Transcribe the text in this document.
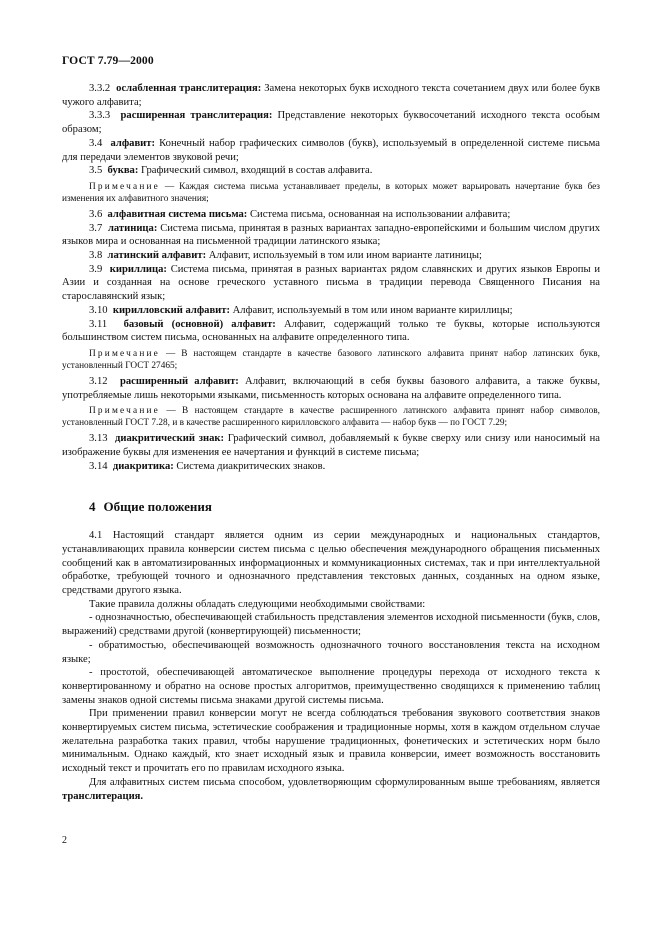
ГОСТ 7.79—2000

3.3.2 ослабленная транслитерация: Замена некоторых букв исходного текста сочетанием двух или более букв чужого алфавита;

3.3.3 расширенная транслитерация: Представление некоторых буквосочетаний исходного текста особым образом;

3.4 алфавит: Конечный набор графических символов (букв), используемый в определенной системе письма для передачи элементов звуковой речи;

3.5 буква: Графический символ, входящий в состав алфавита.

Примечание — Каждая система письма устанавливает пределы, в которых может варьировать начертание букв без изменения их алфавитного значения;

3.6 алфавитная система письма: Система письма, основанная на использовании алфавита;

3.7 латиница: Система письма, принятая в разных вариантах западно-европейскими и большим числом других языков мира и основанная на письменной традиции латинского языка;

3.8 латинский алфавит: Алфавит, используемый в том или ином варианте латиницы;

3.9 кириллица: Система письма, принятая в разных вариантах рядом славянских и других языков Европы и Азии и созданная на основе греческого уставного письма в традиции перевода Священного Писания на старославянский язык;

3.10 кирилловский алфавит: Алфавит, используемый в том или ином варианте кириллицы;

3.11 базовый (основной) алфавит: Алфавит, содержащий только те буквы, которые используются большинством систем письма, основанных на алфавите определенного типа.

Примечание — В настоящем стандарте в качестве базового латинского алфавита принят набор латинских букв, установленный ГОСТ 27465;

3.12 расширенный алфавит: Алфавит, включающий в себя буквы базового алфавита, а также буквы, употребляемые лишь некоторыми языками, письменность которых основана на алфавите определенного типа.

Примечание — В настоящем стандарте в качестве расширенного латинского алфавита принят набор символов, установленный ГОСТ 7.28, и в качестве расширенного кирилловского алфавита — набор букв — по ГОСТ 7.29;

3.13 диакритический знак: Графический символ, добавляемый к букве сверху или снизу или наносимый на изображение буквы для изменения ее начертания и функций в системе письма;

3.14 диакритика: Система диакритических знаков.

4 Общие положения

4.1 Настоящий стандарт является одним из серии международных и национальных стандартов, устанавливающих правила конверсии систем письма с целью обеспечения международного обращения письменных сообщений как в автоматизированных информационных и коммуникационных системах, так и при интеллектуальной обработке, требующей точного и однозначного представления текстовых данных, созданных на одном языке, средствами другого языка.

Такие правила должны обладать следующими необходимыми свойствами:

- однозначностью, обеспечивающей стабильность представления элементов исходной письменности (букв, слов, выражений) средствами другой (конвертирующей) письменности;

- обратимостью, обеспечивающей возможность однозначного точного восстановления текста на исходном языке;

- простотой, обеспечивающей автоматическое выполнение процедуры перехода от исходного текста к конвертированному и обратно на основе простых алгоритмов, преимущественно сводящихся к применению таблиц замены знаков одной системы письма знаками другой системы письма.

При применении правил конверсии могут не всегда соблюдаться требования звукового соответствия знаков конвертируемых систем письма, эстетические соображения и традиционные нормы, хотя в каждом отдельном случае желательна разработка таких правил, чтобы нарушение традиционных, фонетических и эстетических норм было минимальным. Однако каждый, кто знает исходный язык и правила конверсии, имеет возможность восстановить исходный текст и прочитать его по правилам исходного языка.

Для алфавитных систем письма способом, удовлетворяющим сформулированным выше требованиям, является транслитерация.

2
